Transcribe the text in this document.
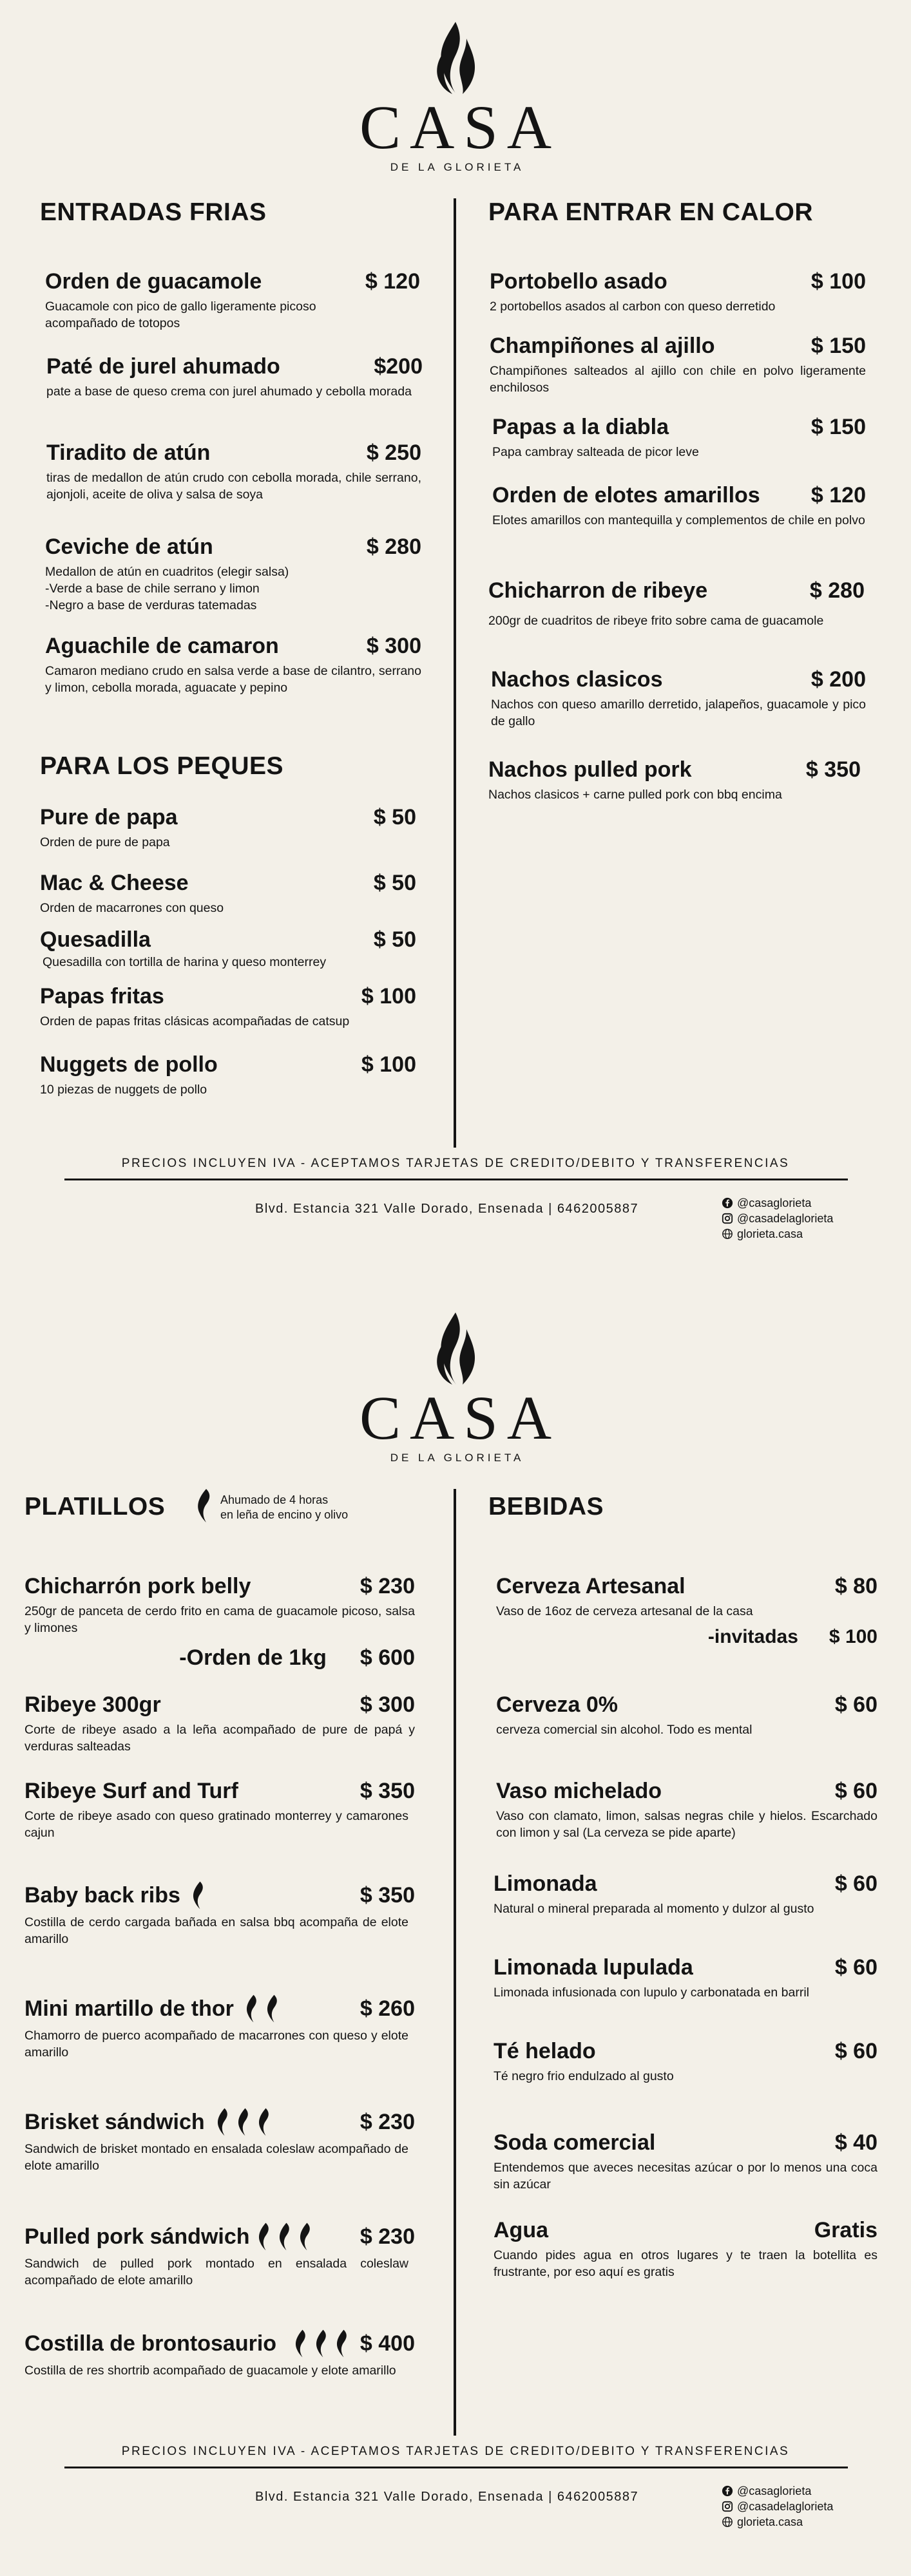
CASA
DE LA GLORIETA
ENTRADAS FRIAS
Orden de guacamole	$ 120
Guacamole con pico de gallo ligeramente picoso acompañado de totopos
Paté de jurel ahumado	$200
pate a base de queso crema con jurel ahumado y cebolla morada
Tiradito de atún	$ 250
tiras de medallon de atún crudo con cebolla morada, chile serrano, ajonjoli, aceite de oliva y salsa de soya
Ceviche de atún	$ 280
Medallon de atún en cuadritos (elegir salsa)
-Verde a base de chile serrano y limon
-Negro a base de verduras tatemadas
Aguachile de camaron	$ 300
Camaron mediano crudo en salsa verde a base de cilantro, serrano y limon, cebolla morada, aguacate y pepino
PARA LOS PEQUES
Pure de papa	$ 50
Orden de pure de papa
Mac & Cheese	$ 50
Orden de macarrones con queso
Quesadilla	$ 50
Quesadilla con tortilla de harina y queso monterrey
Papas fritas	$ 100
Orden de papas fritas clásicas acompañadas de catsup
Nuggets de pollo	$ 100
10 piezas de nuggets de pollo
PARA ENTRAR EN CALOR
Portobello asado	$ 100
2 portobellos asados al carbon con queso derretido
Champiñones al ajillo	$ 150
Champiñones salteados al ajillo con chile en polvo ligeramente enchilosos
Papas a la diabla	$ 150
Papa cambray salteada de picor leve
Orden de elotes amarillos $ 120
Elotes amarillos con mantequilla y complementos de chile en polvo
Chicharron de ribeye	$ 280
200gr de cuadritos de ribeye frito sobre cama de guacamole
Nachos clasicos	$ 200
Nachos con queso amarillo derretido, jalapeños, guacamole y pico de gallo
Nachos pulled pork	$ 350
Nachos clasicos + carne pulled pork con bbq encima
PRECIOS INCLUYEN IVA - ACEPTAMOS TARJETAS DE CREDITO/DEBITO Y TRANSFERENCIAS
Blvd. Estancia 321 Valle Dorado, Ensenada | 6462005887	@casaglorieta
@casadelaglorieta
glorieta.casa
CASA
DE LA GLORIETA
PLATILLOS	Ahumado de 4 horas
en leña de encino y olivo
Chicharrón pork belly	$ 230
250gr de panceta de cerdo frito en cama de guacamole picoso, salsa y limones
-Orden de 1kg $ 600
Ribeye 300gr	$ 300
Corte de ribeye asado a la leña acompañado de pure de papá y verduras salteadas
Ribeye Surf and Turf	$ 350
Corte de ribeye asado con queso gratinado monterrey y camarones cajun
Baby back ribs	$ 350
Costilla de cerdo cargada bañada en salsa bbq acompaña de elote amarillo
Mini martillo de thor	$ 260
Chamorro de puerco acompañado de macarrones con queso y elote amarillo
Brisket sándwich	$ 230
Sandwich de brisket montado en ensalada coleslaw acompañado de elote amarillo
Pulled pork sándwich	$ 230
Sandwich de pulled pork montado en ensalada coleslaw acompañado de elote amarillo
Costilla de brontosaurio	$ 400
Costilla de res shortrib acompañado de guacamole y elote amarillo
BEBIDAS
Cerveza Artesanal	$ 80
Vaso de 16oz de cerveza artesanal de la casa
-invitadas $ 100
Cerveza 0%	$ 60
cerveza comercial sin alcohol. Todo es mental
Vaso michelado	$ 60
Vaso con clamato, limon, salsas negras chile y hielos. Escarchado con limon y sal (La cerveza se pide aparte)
Limonada	$ 60
Natural o mineral preparada al momento y dulzor al gusto
Limonada lupulada	$ 60
Limonada infusionada con lupulo y carbonatada en barril
Té helado	$ 60
Té negro frio endulzado al gusto
Soda comercial	$ 40
Entendemos que aveces necesitas azúcar o por lo menos una coca sin azúcar
Agua	Gratis
Cuando pides agua en otros lugares y te traen la botellita es frustrante, por eso aquí es gratis
PRECIOS INCLUYEN IVA - ACEPTAMOS TARJETAS DE CREDITO/DEBITO Y TRANSFERENCIAS
Blvd. Estancia 321 Valle Dorado, Ensenada | 6462005887	@casaglorieta
@casadelaglorieta
glorieta.casa
